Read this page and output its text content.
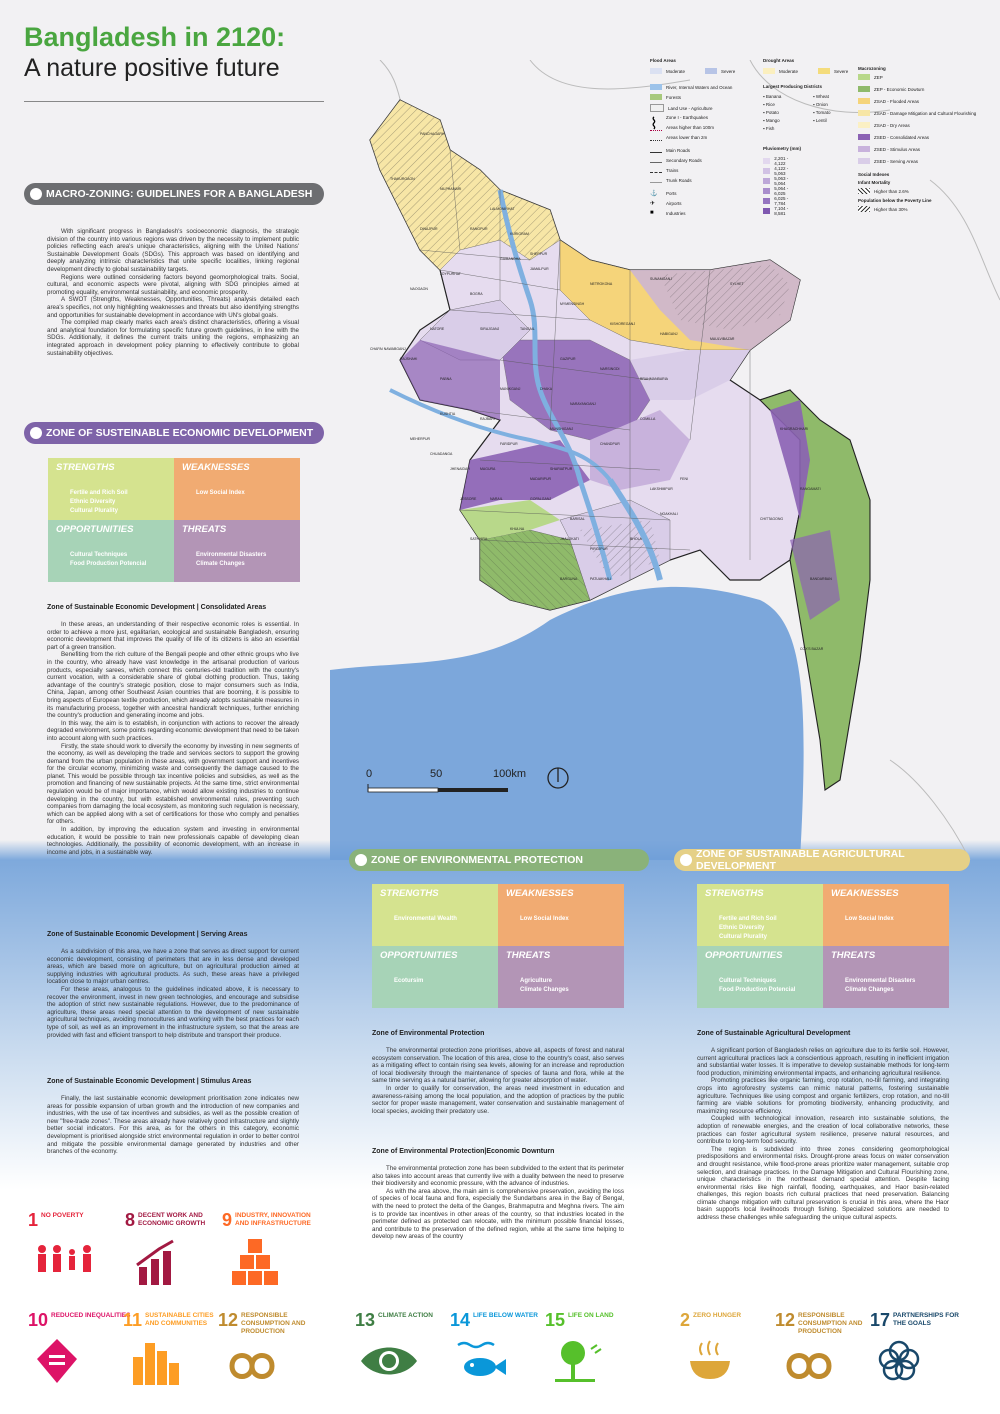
Bangladesh in 2120:
A nature positive future
PANCHAGARH
THAKURGAON
NILPHAMARI
LALMONIRHAT
KURIGRAM
RANGPUR
DINAJPUR
GAIBANDHA
JOYPURHAT
BOGRA
NAOGAON
JAMALPUR
SHERPUR
NETROKONA
SUNAMGANJ
SYLHET
MYMENSINGH
KISHOREGANJ
HABIGANJ
MAULVIBAZAR
TANGAIL
SIRAJGANJ
NATORE
RAJSHAHI
CHAPAI NAWABGANJ
PABNA
GAZIPUR
NARSINGDI
BRAHMANBARIA
DHAKA
MANIKGANJ
NARAYANGANJ
COMILLA
KUSHTIA
RAJBARI
FARIDPUR
MUNSHIGANJ
CHANDPUR
MEHERPUR
CHUADANGA
JHENAIDAH	MAGURA	SHARIATPUR
MADARIPUR	FENI
LAKSHMIPUR
NOAKHALI
JESSORE	NARAIL	GOPALGANJ
BARISAL
SATKHIRA
KHULNA
JHALOKATI
PIROJPUR
BHOLA
PATUAKHALI
BARGUNA
KHAGRACHHARI
RANGAMATI
CHITTAGONG
BANDARBAN
COX'S BAZAR
0	50	100km
Flood Areas
Moderate	Severe
Drought Areas
Moderate	Severe
River, Internal Waters and Ocean
Forests
Land Use - Agriculture
⌇	Zone I - Earthquakes
Areas higher than 100m
Areas lower than 2m
Main Roads
Secondary Roads
Trains
Trunk Roads
⚓	Ports
✈	Airports
■	Industries
Largest Producing Districts
▪ Banana	▪ Wheat
▪ Rice	▪ Onion
▪ Potato	▪ Tomato
▪ Mango	▪ Lentil
▪ Fish
Pluviometry (mm)
2,201 - 4,122
4,122 - 5,063
5,063 - 5,064
5,064 - 6,025
6,025 - 7,784
7,104 - 8,581
Macrozoning
ZEP
ZEP - Economic Dowturn
ZSAD - Flooded Areas
ZSAD - Damage Mitigation and Cultural Flourishing
ZSAD - Dry Areas
ZSED - Consolidated Areas
ZSED - Stimulus Areas
ZSED - Serving Areas
Social Indexes
Infant Mortality
Higher than 2.6%
Population below the Poverty Line
Higher than 30%
MACRO-ZONING: GUIDELINES FOR A BANGLADESH

With significant progress in Bangladesh's socioeconomic diagnosis, the strategic division of the country into various regions was driven by the necessity to implement public policies reflecting each area's unique characteristics, aligning with the United Nations' Sustainable Development Goals (SDGs). This approach was based on identifying and deeply analyzing intrinsic characteristics that unite specific localities, linking regional development directly to global sustainability targets.

Regions were outlined considering factors beyond geomorphological traits. Social, cultural, and economic aspects were pivotal, aligning with SDG principles aimed at promoting equality, environmental sustainability, and economic prosperity.

A SWOT (Strengths, Weaknesses, Opportunities, Threats) analysis detailed each area's specifics, not only highlighting weaknesses and threats but also identifying strengths and opportunities for sustainable development in accordance with UN's global goals.

The compiled map clearly marks each area's distinct characteristics, offering a visual and analytical foundation for formulating specific future growth guidelines, in line with the SDGs. Additionally, it defines the current traits uniting the regions, emphasizing an integrated approach in development policy planning to effectively contribute to global sustainability objectives.

ZONE OF SUSTEINABLE ECONOMIC DEVELOPMENT
STRENGTHS
Fertile and Rich Soil
Ethnic Diversity
Cultural Plurality
WEAKNESSES
Low Social Index
OPPORTUNITIES
Cultural Techniques
Food Production Potencial
THREATS
Environmental Disasters
Climate Changes
Zone of Sustainable Economic Development | Consolidated Areas

In these areas, an understanding of their respective economic roles is essential. In order to achieve a more just, egalitarian, ecological and sustainable Bangladesh, ensuring economic development that improves the quality of life of its citizens is also an essential part of a green transition.

Benefiting from the rich culture of the Bengali people and other ethnic groups who live in the country, who already have vast knowledge in the artisanal production of various products, especially sarees, which connect this centuries-old tradition with the country's current vocation, with a considerable share of global clothing production. Thus, taking advantage of the country's strategic position, close to major consumers such as India, China, Japan, among other Southeast Asian countries that are booming, it is possible to bring aspects of European textile production, which already adopts sustainable measures in its manufacturing process, together with ancestral handicraft techniques, further enriching the country's production and generating income and jobs.

In this way, the aim is to establish, in conjunction with actions to recover the already degraded environment, some points regarding economic development that need to be taken into account along with such practices.

Firstly, the state should work to diversify the economy by investing in new segments of the economy, as well as developing the trade and services sectors to support the growing demand from the urban population in these areas, with government support and incentives for the circular economy, minimizing waste and consequently the damage caused to the planet. This would be possible through tax incentive policies and subsidies, as well as the promotion and financing of new sustainable projects. At the same time, strict environmental regulation would be of major importance, which would allow existing industries to continue developing in the country, but with established environmental rules, preventing such companies from damaging the local ecosystem, as monitoring such regulation is necessary, which can be applied along with a set of certifications for those who comply and penalties for others.

In addition, by improving the education system and investing in environmental education, it would be possible to train new professionals capable of developing clean technologies. Additionally, the possibility of economic development, with an increase in income and jobs, in a sustainable way.

Zone of Sustainable Economic Development | Serving Areas

As a subdivision of this area, we have a zone that serves as direct support for current economic development, consisting of perimeters that are in less dense and developed areas, which are based more on agriculture, but on agricultural production aimed at supplying industries with agricultural products. As such, these areas have a privileged location close to major urban centres.

For these areas, analogous to the guidelines indicated above, it is necessary to recover the environment, invest in new green technologies, and encourage and subsidise the adoption of strict new sustainable regulations. However, due to the predominance of agriculture, these areas need special attention to the development of new sustainable agricultural techniques, avoiding monocultures and working with the best practices for each type of soil, as well as an improvement in the infrastructure system, so that the areas are provided with fast and efficient transport to help distribute and transport their produce.

Zone of Sustainable Economic Development | Stimulus Areas

Finally, the last sustainable economic development prioritisation zone indicates new areas for possible expansion of urban growth and the introduction of new companies and industries, with the use of tax incentives and subsidies, as well as the possible creation of new "free-trade zones". These areas already have relatively good infrastructure and slightly better social indicators. For this area, as for the others in this category, economic development is prioritised alongside strict environmental regulation in order to better control and mitigate the possible environmental damage generated by industries and other branches of the economy.

ZONE OF ENVIRONMENTAL PROTECTION
STRENGTHS
Environmental Wealth
WEAKNESSES
Low Social Index
OPPORTUNITIES
Ecotursim
THREATS
Agriculture
Climate Changes
Zone of Environmental Protection

The environmental protection zone prioritises, above all, aspects of forest and natural ecosystem conservation. The location of this area, close to the country's coast, also serves as a mitigating effect to contain rising sea levels, allowing for an increase and reproduction of local biodiversity through the maintenance of species of fauna and flora, while at the same time serving as a natural barrier, allowing for greater absorption of water.

In order to qualify for conservation, the areas need investment in education and awareness-raising among the local population, and the adoption of practices by the public sector for proper waste management, water conservation and sustainable management of local species, avoiding their predatory use.

Zone of Environmental Protection|Economic Downturn

The environmental protection zone has been subdivided to the extent that its perimeter also takes into account areas that currently live with a duality between the need to preserve their biodiversity and economic pressure, with the advance of industries.

As with the area above, the main aim is comprehensive preservation, avoiding the loss of species of local fauna and flora, especially the Sundarbans area in the Bay of Bengal, with the need to protect the delta of the Ganges, Brahmaputra and Meghna rivers. The aim is to provide tax incentives in other areas of the country, so that industries located in the perimeter defined as protected can relocate, with the minimum possible financial losses, and contribute to the preservation of the defined region, while at the same time helping to develop new areas of the country

ZONE OF SUSTAINABLE AGRICULTURAL DEVELOPMENT
STRENGTHS
Fertile and Rich Soil
Ethnic Diversity
Cultural Plurality
WEAKNESSES
Low Social Index
OPPORTUNITIES
Cultural Techniques
Food Production Potencial
THREATS
Environmental Disasters
Climate Changes
Zone of Sustainable Agricultural Development

A significant portion of Bangladesh relies on agriculture due to its fertile soil. However, current agricultural practices lack a conscientious approach, resulting in inefficient irrigation and substantial water losses. It is imperative to develop sustainable methods for long-term food production, minimizing environmental impacts, and enhancing agricultural resilience.

Promoting practices like organic farming, crop rotation, no-till farming, and integrating crops into agroforestry systems can mimic natural patterns, fostering sustainable agriculture. Techniques like using compost and organic fertilizers, crop rotation, and no-till farming are viable solutions for promoting biodiversity, enhancing productivity, and maximizing resource efficiency.

Coupled with technological innovation, research into sustainable solutions, the adoption of renewable energies, and the creation of local collaborative networks, these practices can foster agricultural system resilience, preserve natural resources, and contribute to long-term food security.

The region is subdivided into three zones considering geomorphological predispositions and environmental risks. Drought-prone areas focus on water conservation and drought resistance, while flood-prone areas prioritize water management, suitable crop selection, and drainage practices. In the Damage Mitigation and Cultural Flourishing zone, unique characteristics in the northeast demand special attention. Despite facing environmental risks like high rainfall, flooding, earthquakes, and Haor basin-related challenges, this region boasts rich cultural practices that need preservation. Balancing climate change mitigation with cultural preservation is crucial in this area, where the Haor basin supports local livelihoods through fishing. Specialized solutions are needed to address these challenges while safeguarding the unique cultural aspects.

1 NO POVERTY	8 DECENT WORK AND ECONOMIC GROWTH 9 INDUSTRY, INNOVATION AND INFRASTRUCTURE
10 REDUCED INEQUALITIES
11 SUSTAINABLE CITIES AND COMMUNITIES 12 RESPONSIBLE CONSUMPTION AND PRODUCTION
13 CLIMATE ACTION 14 LIFE BELOW WATER 15 LIFE ON LAND	2 ZERO HUNGER	12 RESPONSIBLE CONSUMPTION AND PRODUCTION
17 PARTNERSHIPS FOR THE GOALS
